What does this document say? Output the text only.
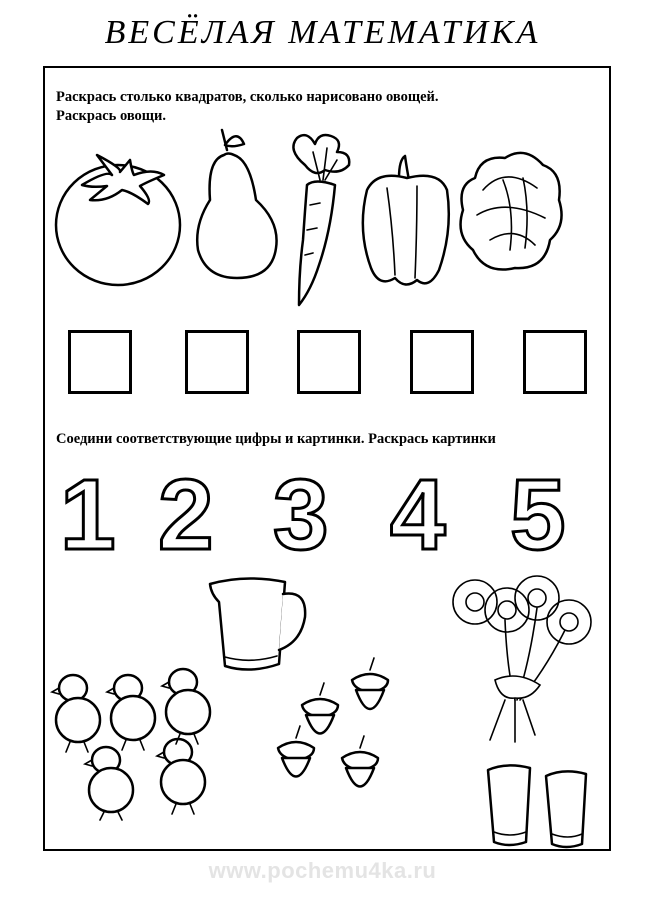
ВЕСЁЛАЯ МАТЕМАТИКА
Раскрась столько квадратов, сколько нарисовано овощей.
Раскрась овощи.
Соедини соответствующие цифры и картинки. Раскрась картинки
1 2 3 4 5
www.pochemu4ka.ru
